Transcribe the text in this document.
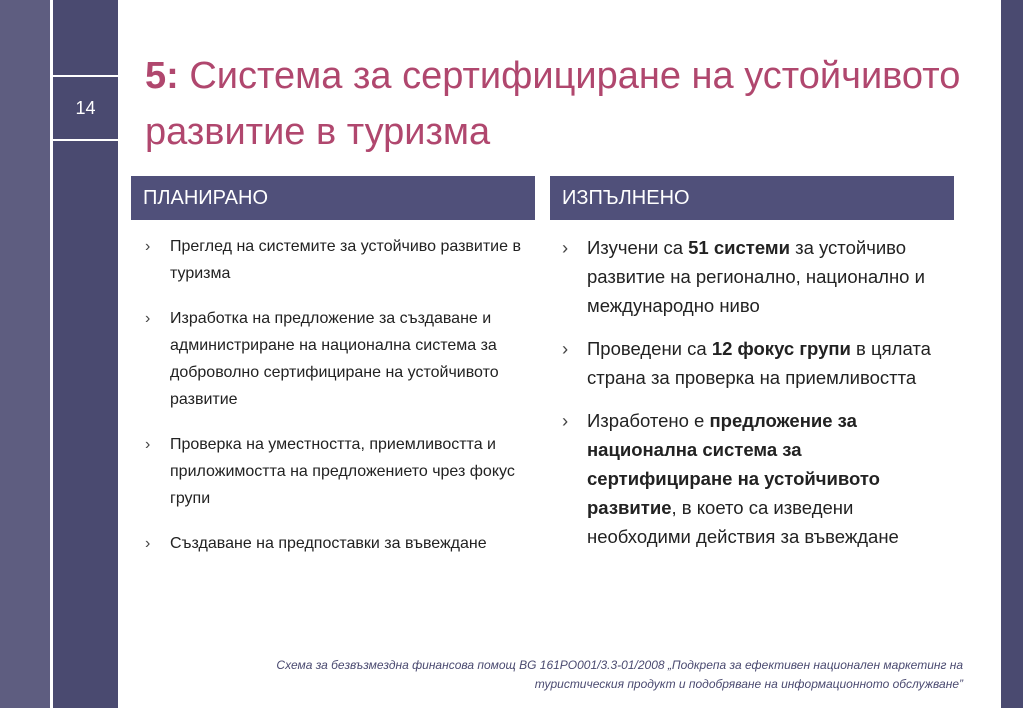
14
5: Система за сертифициране на устойчивото развитие в туризма
ПЛАНИРАНО	ИЗПЪЛНЕНО
› Преглед на системите за устойчиво развитие в туризма
› Изработка на предложение за създаване и администриране на национална система за доброволно сертифициране на устойчивото развитие
› Проверка на уместността, приемливостта и приложимостта на предложението чрез фокус групи
› Създаване на предпоставки за въвеждане
› Изучени са 51 системи за устойчиво развитие на регионално, национално и международно ниво
› Проведени са 12 фокус групи в цялата страна за проверка на приемливостта
› Изработено е предложение за национална система за сертифициране на устойчивото развитие, в което са изведени необходими действия за въвеждане
Схема за безвъзмездна финансова помощ BG 161PO001/3.3-01/2008 „Подкрепа за ефективен национален маркетинг на
туристическия продукт и подобряване на информационното обслужване”
